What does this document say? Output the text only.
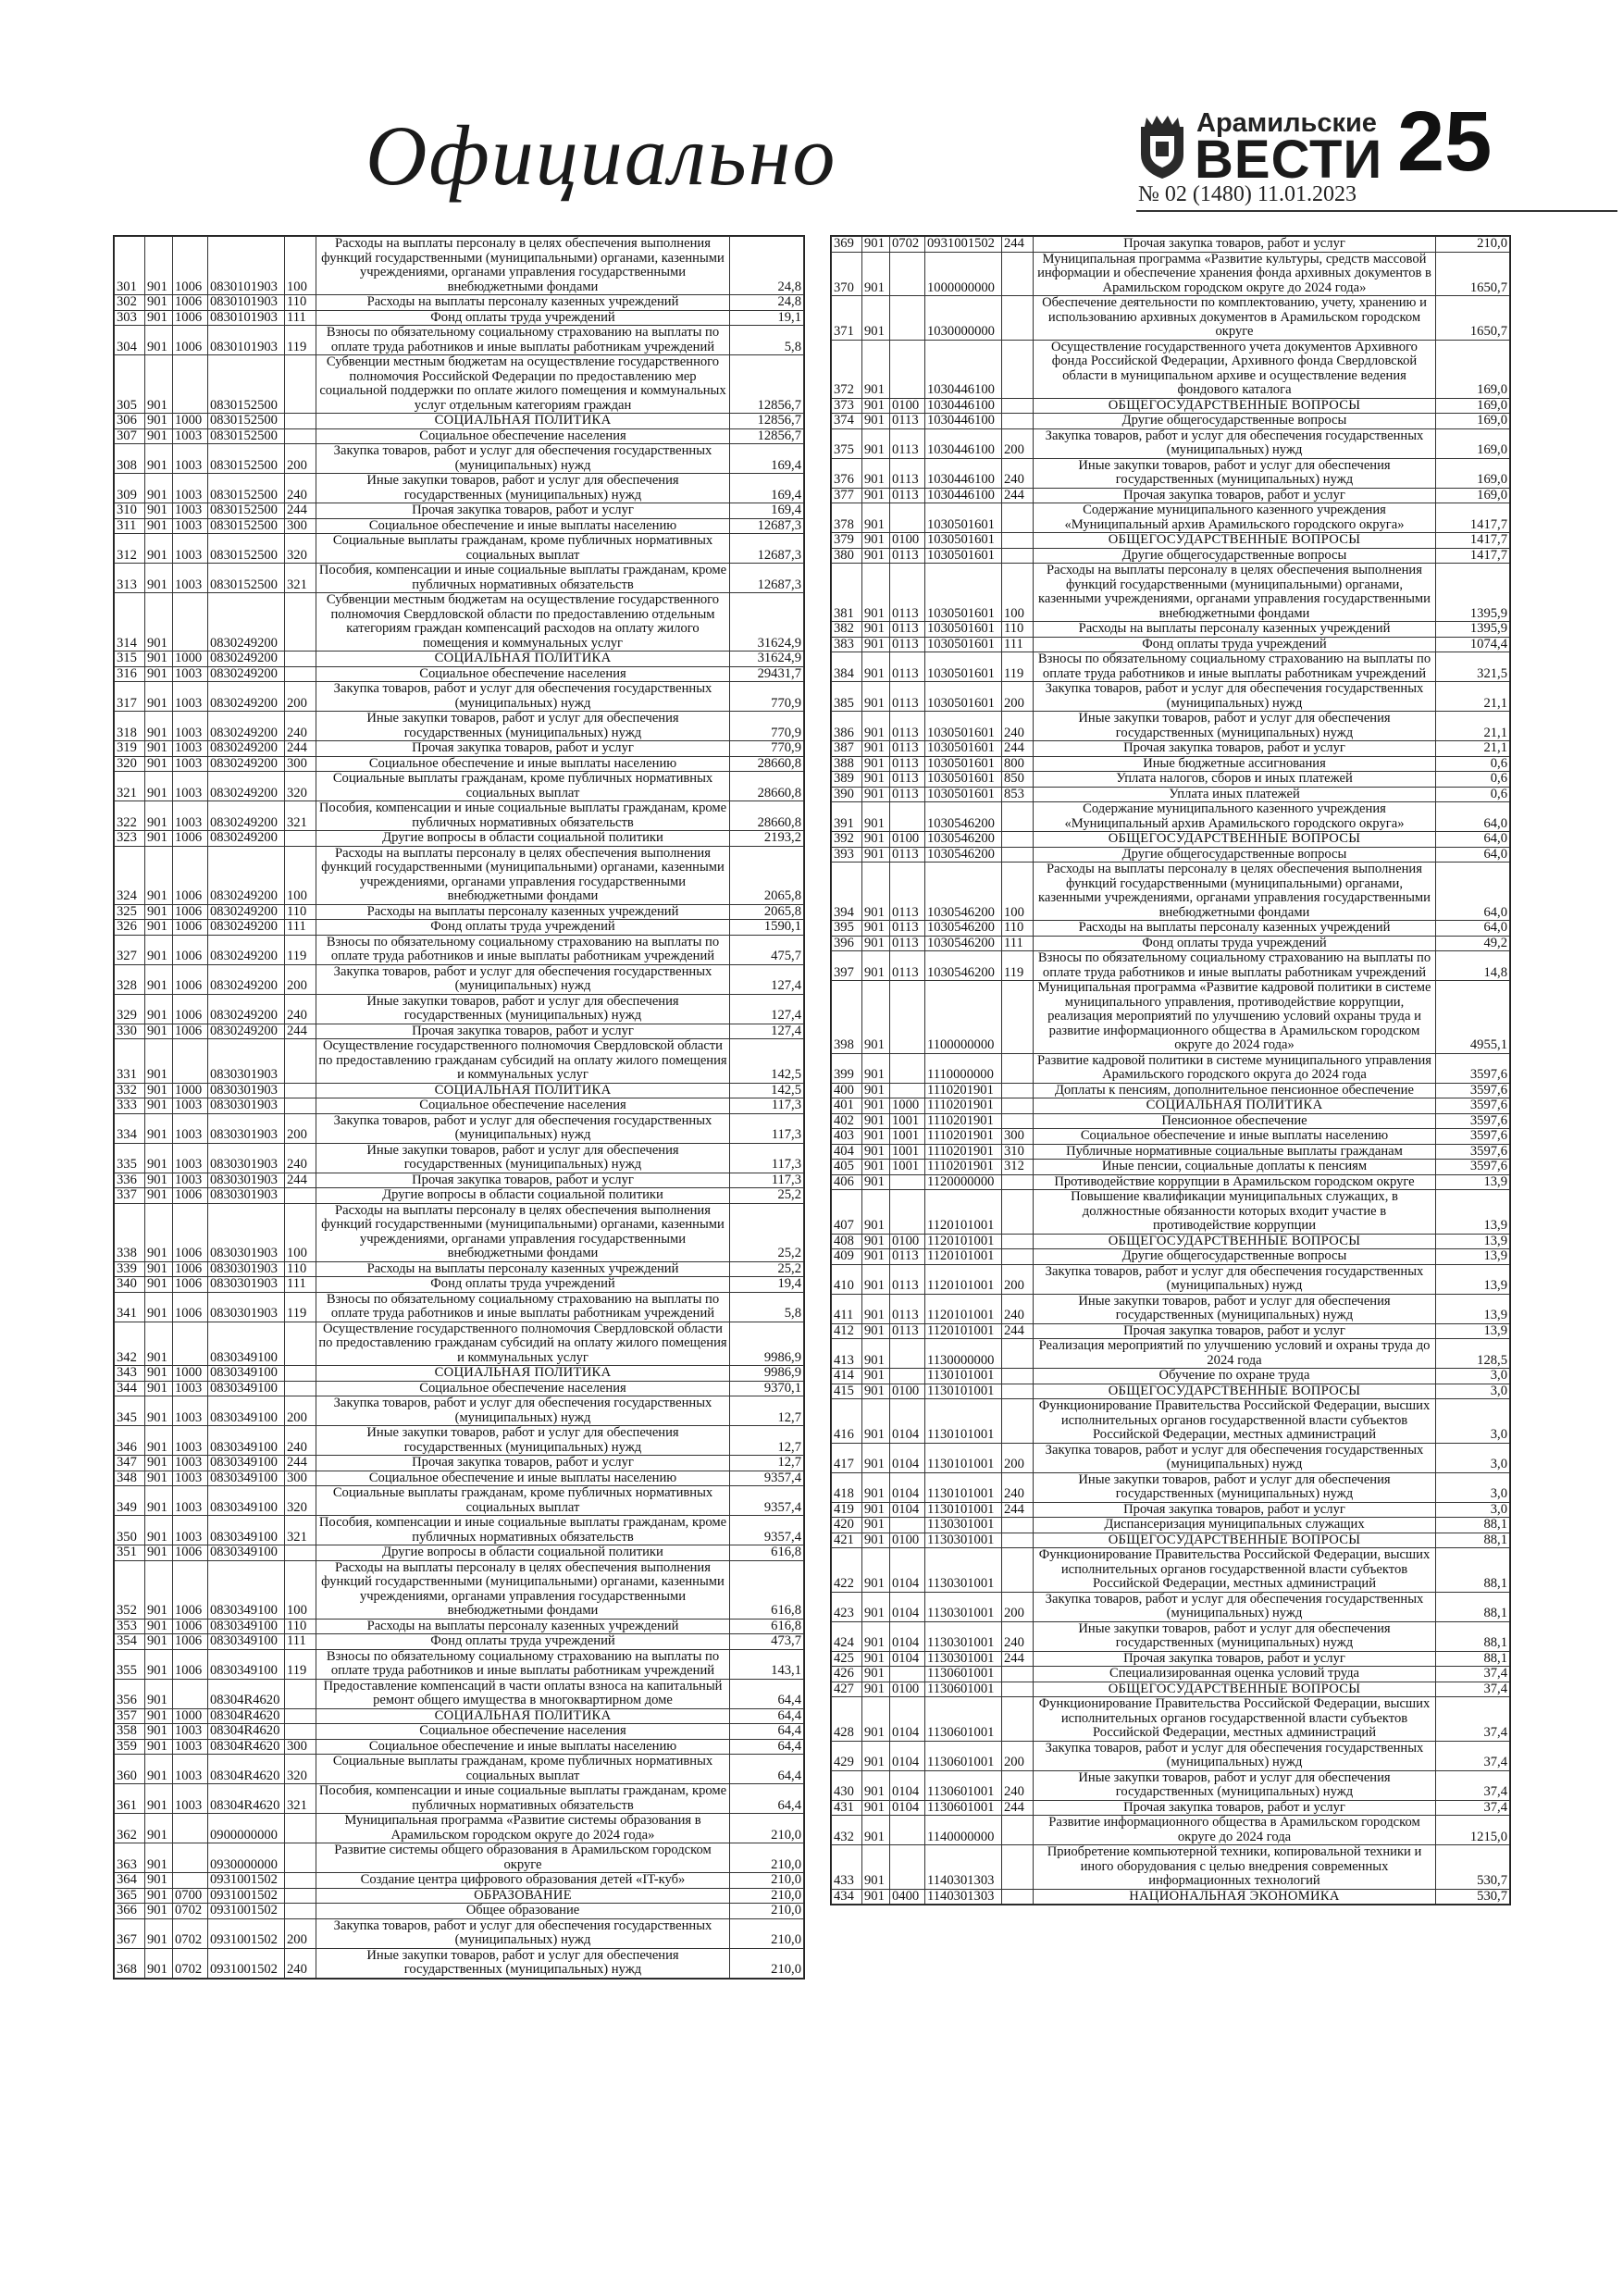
Официально	Арамильские
ВЕСТИ 25
№ 02 (1480) 11.01.2023
301	901	1006	0830101903	100	Расходы на выплаты персоналу в целях обеспечения выполнения функций государственными (муниципальными) органами, казенными учреждениями, органами управления государственными внебюджетными фондами	24,8
302	901	1006	0830101903	110	Расходы на выплаты персоналу казенных учреждений	24,8
303	901	1006	0830101903	111	Фонд оплаты труда учреждений	19,1
304	901	1006	0830101903	119	Взносы по обязательному социальному страхованию на выплаты по оплате труда работников и иные выплаты работникам учреждений	5,8
305	901		0830152500		Субвенции местным бюджетам на осуществление государственного полномочия Российской Федерации по предоставлению мер социальной поддержки по оплате жилого помещения и коммунальных услуг отдельным категориям граждан	12856,7
306	901	1000	0830152500		СОЦИАЛЬНАЯ ПОЛИТИКА	12856,7
307	901	1003	0830152500		Социальное обеспечение населения	12856,7
308	901	1003	0830152500	200	Закупка товаров, работ и услуг для обеспечения государственных (муниципальных) нужд	169,4
309	901	1003	0830152500	240	Иные закупки товаров, работ и услуг для обеспечения государственных (муниципальных) нужд	169,4
310	901	1003	0830152500	244	Прочая закупка товаров, работ и услуг	169,4
311	901	1003	0830152500	300	Социальное обеспечение и иные выплаты населению	12687,3
312	901	1003	0830152500	320	Социальные выплаты гражданам, кроме публичных нормативных социальных выплат	12687,3
313	901	1003	0830152500	321	Пособия, компенсации и иные социальные выплаты гражданам, кроме публичных нормативных обязательств	12687,3
314	901		0830249200		Субвенции местным бюджетам на осуществление государственного полномочия Свердловской области по предоставлению отдельным категориям граждан компенсаций расходов на оплату жилого помещения и коммунальных услуг	31624,9
315	901	1000	0830249200		СОЦИАЛЬНАЯ ПОЛИТИКА	31624,9
316	901	1003	0830249200		Социальное обеспечение населения	29431,7
317	901	1003	0830249200	200	Закупка товаров, работ и услуг для обеспечения государственных (муниципальных) нужд	770,9
318	901	1003	0830249200	240	Иные закупки товаров, работ и услуг для обеспечения государственных (муниципальных) нужд	770,9
319	901	1003	0830249200	244	Прочая закупка товаров, работ и услуг	770,9
320	901	1003	0830249200	300	Социальное обеспечение и иные выплаты населению	28660,8
321	901	1003	0830249200	320	Социальные выплаты гражданам, кроме публичных нормативных социальных выплат	28660,8
322	901	1003	0830249200	321	Пособия, компенсации и иные социальные выплаты гражданам, кроме публичных нормативных обязательств	28660,8
323	901	1006	0830249200		Другие вопросы в области социальной политики	2193,2
324	901	1006	0830249200	100	Расходы на выплаты персоналу в целях обеспечения выполнения функций государственными (муниципальными) органами, казенными учреждениями, органами управления государственными внебюджетными фондами	2065,8
325	901	1006	0830249200	110	Расходы на выплаты персоналу казенных учреждений	2065,8
326	901	1006	0830249200	111	Фонд оплаты труда учреждений	1590,1
327	901	1006	0830249200	119	Взносы по обязательному социальному страхованию на выплаты по оплате труда работников и иные выплаты работникам учреждений	475,7
328	901	1006	0830249200	200	Закупка товаров, работ и услуг для обеспечения государственных (муниципальных) нужд	127,4
329	901	1006	0830249200	240	Иные закупки товаров, работ и услуг для обеспечения государственных (муниципальных) нужд	127,4
330	901	1006	0830249200	244	Прочая закупка товаров, работ и услуг	127,4
331	901		0830301903		Осуществление государственного полномочия Свердловской области по предоставлению гражданам субсидий на оплату жилого помещения и коммунальных услуг	142,5
332	901	1000	0830301903		СОЦИАЛЬНАЯ ПОЛИТИКА	142,5
333	901	1003	0830301903		Социальное обеспечение населения	117,3
334	901	1003	0830301903	200	Закупка товаров, работ и услуг для обеспечения государственных (муниципальных) нужд	117,3
335	901	1003	0830301903	240	Иные закупки товаров, работ и услуг для обеспечения государственных (муниципальных) нужд	117,3
336	901	1003	0830301903	244	Прочая закупка товаров, работ и услуг	117,3
337	901	1006	0830301903		Другие вопросы в области социальной политики	25,2
338	901	1006	0830301903	100	Расходы на выплаты персоналу в целях обеспечения выполнения функций государственными (муниципальными) органами, казенными учреждениями, органами управления государственными внебюджетными фондами	25,2
339	901	1006	0830301903	110	Расходы на выплаты персоналу казенных учреждений	25,2
340	901	1006	0830301903	111	Фонд оплаты труда учреждений	19,4
341	901	1006	0830301903	119	Взносы по обязательному социальному страхованию на выплаты по оплате труда работников и иные выплаты работникам учреждений	5,8
342	901		0830349100		Осуществление государственного полномочия Свердловской области по предоставлению гражданам субсидий на оплату жилого помещения и коммунальных услуг	9986,9
343	901	1000	0830349100		СОЦИАЛЬНАЯ ПОЛИТИКА	9986,9
344	901	1003	0830349100		Социальное обеспечение населения	9370,1
345	901	1003	0830349100	200	Закупка товаров, работ и услуг для обеспечения государственных (муниципальных) нужд	12,7
346	901	1003	0830349100	240	Иные закупки товаров, работ и услуг для обеспечения государственных (муниципальных) нужд	12,7
347	901	1003	0830349100	244	Прочая закупка товаров, работ и услуг	12,7
348	901	1003	0830349100	300	Социальное обеспечение и иные выплаты населению	9357,4
349	901	1003	0830349100	320	Социальные выплаты гражданам, кроме публичных нормативных социальных выплат	9357,4
350	901	1003	0830349100	321	Пособия, компенсации и иные социальные выплаты гражданам, кроме публичных нормативных обязательств	9357,4
351	901	1006	0830349100		Другие вопросы в области социальной политики	616,8
352	901	1006	0830349100	100	Расходы на выплаты персоналу в целях обеспечения выполнения функций государственными (муниципальными) органами, казенными учреждениями, органами управления государственными внебюджетными фондами	616,8
353	901	1006	0830349100	110	Расходы на выплаты персоналу казенных учреждений	616,8
354	901	1006	0830349100	111	Фонд оплаты труда учреждений	473,7
355	901	1006	0830349100	119	Взносы по обязательному социальному страхованию на выплаты по оплате труда работников и иные выплаты работникам учреждений	143,1
356	901		08304R4620		Предоставление компенсаций в части оплаты взноса на капитальный ремонт общего имущества в многоквартирном доме	64,4
357	901	1000	08304R4620		СОЦИАЛЬНАЯ ПОЛИТИКА	64,4
358	901	1003	08304R4620		Социальное обеспечение населения	64,4
359	901	1003	08304R4620	300	Социальное обеспечение и иные выплаты населению	64,4
360	901	1003	08304R4620	320	Социальные выплаты гражданам, кроме публичных нормативных социальных выплат	64,4
361	901	1003	08304R4620	321	Пособия, компенсации и иные социальные выплаты гражданам, кроме публичных нормативных обязательств	64,4
362	901		0900000000		Муниципальная программа «Развитие системы образования в Арамильском городском округе до 2024 года»	210,0
363	901		0930000000		Развитие системы общего образования в Арамильском городском округе	210,0
364	901		0931001502		Создание центра цифрового образования детей «IT-куб»	210,0
365	901	0700	0931001502		ОБРАЗОВАНИЕ	210,0
366	901	0702	0931001502		Общее образование	210,0
367	901	0702	0931001502	200	Закупка товаров, работ и услуг для обеспечения государственных (муниципальных) нужд	210,0
368	901	0702	0931001502	240	Иные закупки товаров, работ и услуг для обеспечения государственных (муниципальных) нужд	210,0
369	901	0702	0931001502	244	Прочая закупка товаров, работ и услуг	210,0
370	901		1000000000		Муниципальная программа «Развитие культуры, средств массовой информации и обеспечение хранения фонда архивных документов в Арамильском городском округе до 2024 года»	1650,7
371	901		1030000000		Обеспечение деятельности по комплектованию, учету, хранению и использованию архивных документов в Арамильском городском округе	1650,7
372	901		1030446100		Осуществление государственного учета документов Архивного фонда Российской Федерации, Архивного фонда Свердловской области в муниципальном архиве и осуществление ведения фондового каталога	169,0
373	901	0100	1030446100		ОБЩЕГОСУДАРСТВЕННЫЕ ВОПРОСЫ	169,0
374	901	0113	1030446100		Другие общегосударственные вопросы	169,0
375	901	0113	1030446100	200	Закупка товаров, работ и услуг для обеспечения государственных (муниципальных) нужд	169,0
376	901	0113	1030446100	240	Иные закупки товаров, работ и услуг для обеспечения государственных (муниципальных) нужд	169,0
377	901	0113	1030446100	244	Прочая закупка товаров, работ и услуг	169,0
378	901		1030501601		Содержание муниципального казенного учреждения «Муниципальный архив Арамильского городского округа»	1417,7
379	901	0100	1030501601		ОБЩЕГОСУДАРСТВЕННЫЕ ВОПРОСЫ	1417,7
380	901	0113	1030501601		Другие общегосударственные вопросы	1417,7
381	901	0113	1030501601	100	Расходы на выплаты персоналу в целях обеспечения выполнения функций государственными (муниципальными) органами, казенными учреждениями, органами управления государственными внебюджетными фондами	1395,9
382	901	0113	1030501601	110	Расходы на выплаты персоналу казенных учреждений	1395,9
383	901	0113	1030501601	111	Фонд оплаты труда учреждений	1074,4
384	901	0113	1030501601	119	Взносы по обязательному социальному страхованию на выплаты по оплате труда работников и иные выплаты работникам учреждений	321,5
385	901	0113	1030501601	200	Закупка товаров, работ и услуг для обеспечения государственных (муниципальных) нужд	21,1
386	901	0113	1030501601	240	Иные закупки товаров, работ и услуг для обеспечения государственных (муниципальных) нужд	21,1
387	901	0113	1030501601	244	Прочая закупка товаров, работ и услуг	21,1
388	901	0113	1030501601	800	Иные бюджетные ассигнования	0,6
389	901	0113	1030501601	850	Уплата налогов, сборов и иных платежей	0,6
390	901	0113	1030501601	853	Уплата иных платежей	0,6
391	901		1030546200		Содержание муниципального казенного учреждения «Муниципальный архив Арамильского городского округа»	64,0
392	901	0100	1030546200		ОБЩЕГОСУДАРСТВЕННЫЕ ВОПРОСЫ	64,0
393	901	0113	1030546200		Другие общегосударственные вопросы	64,0
394	901	0113	1030546200	100	Расходы на выплаты персоналу в целях обеспечения выполнения функций государственными (муниципальными) органами, казенными учреждениями, органами управления государственными внебюджетными фондами	64,0
395	901	0113	1030546200	110	Расходы на выплаты персоналу казенных учреждений	64,0
396	901	0113	1030546200	111	Фонд оплаты труда учреждений	49,2
397	901	0113	1030546200	119	Взносы по обязательному социальному страхованию на выплаты по оплате труда работников и иные выплаты работникам учреждений	14,8
398	901		1100000000		Муниципальная программа «Развитие кадровой политики в системе муниципального управления, противодействие коррупции, реализация мероприятий по улучшению условий охраны труда и развитие информационного общества в Арамильском городском округе до 2024 года»	4955,1
399	901		1110000000		Развитие кадровой политики в системе муниципального управления Арамильского городского округа до 2024 года	3597,6
400	901		1110201901		Доплаты к пенсиям, дополнительное пенсионное обеспечение	3597,6
401	901	1000	1110201901		СОЦИАЛЬНАЯ ПОЛИТИКА	3597,6
402	901	1001	1110201901		Пенсионное обеспечение	3597,6
403	901	1001	1110201901	300	Социальное обеспечение и иные выплаты населению	3597,6
404	901	1001	1110201901	310	Публичные нормативные социальные выплаты гражданам	3597,6
405	901	1001	1110201901	312	Иные пенсии, социальные доплаты к пенсиям	3597,6
406	901		1120000000		Противодействие коррупции в Арамильском городском округе	13,9
407	901		1120101001		Повышение квалификации муниципальных служащих, в должностные обязанности которых входит участие в противодействие коррупции	13,9
408	901	0100	1120101001		ОБЩЕГОСУДАРСТВЕННЫЕ ВОПРОСЫ	13,9
409	901	0113	1120101001		Другие общегосударственные вопросы	13,9
410	901	0113	1120101001	200	Закупка товаров, работ и услуг для обеспечения государственных (муниципальных) нужд	13,9
411	901	0113	1120101001	240	Иные закупки товаров, работ и услуг для обеспечения государственных (муниципальных) нужд	13,9
412	901	0113	1120101001	244	Прочая закупка товаров, работ и услуг	13,9
413	901		1130000000		Реализация мероприятий по улучшению условий и охраны труда до 2024 года	128,5
414	901		1130101001		Обучение по охране труда	3,0
415	901	0100	1130101001		ОБЩЕГОСУДАРСТВЕННЫЕ ВОПРОСЫ	3,0
416	901	0104	1130101001		Функционирование Правительства Российской Федерации, высших исполнительных органов государственной власти субъектов Российской Федерации, местных администраций	3,0
417	901	0104	1130101001	200	Закупка товаров, работ и услуг для обеспечения государственных (муниципальных) нужд	3,0
418	901	0104	1130101001	240	Иные закупки товаров, работ и услуг для обеспечения государственных (муниципальных) нужд	3,0
419	901	0104	1130101001	244	Прочая закупка товаров, работ и услуг	3,0
420	901		1130301001		Диспансеризация муниципальных служащих	88,1
421	901	0100	1130301001		ОБЩЕГОСУДАРСТВЕННЫЕ ВОПРОСЫ	88,1
422	901	0104	1130301001		Функционирование Правительства Российской Федерации, высших исполнительных органов государственной власти субъектов Российской Федерации, местных администраций	88,1
423	901	0104	1130301001	200	Закупка товаров, работ и услуг для обеспечения государственных (муниципальных) нужд	88,1
424	901	0104	1130301001	240	Иные закупки товаров, работ и услуг для обеспечения государственных (муниципальных) нужд	88,1
425	901	0104	1130301001	244	Прочая закупка товаров, работ и услуг	88,1
426	901		1130601001		Специализированная оценка условий труда	37,4
427	901	0100	1130601001		ОБЩЕГОСУДАРСТВЕННЫЕ ВОПРОСЫ	37,4
428	901	0104	1130601001		Функционирование Правительства Российской Федерации, высших исполнительных органов государственной власти субъектов Российской Федерации, местных администраций	37,4
429	901	0104	1130601001	200	Закупка товаров, работ и услуг для обеспечения государственных (муниципальных) нужд	37,4
430	901	0104	1130601001	240	Иные закупки товаров, работ и услуг для обеспечения государственных (муниципальных) нужд	37,4
431	901	0104	1130601001	244	Прочая закупка товаров, работ и услуг	37,4
432	901		1140000000		Развитие информационного общества в Арамильском городском округе до 2024 года	1215,0
433	901		1140301303		Приобретение компьютерной техники, копировальной техники и иного оборудования с целью внедрения современных информационных технологий	530,7
434	901	0400	1140301303		НАЦИОНАЛЬНАЯ ЭКОНОМИКА	530,7
